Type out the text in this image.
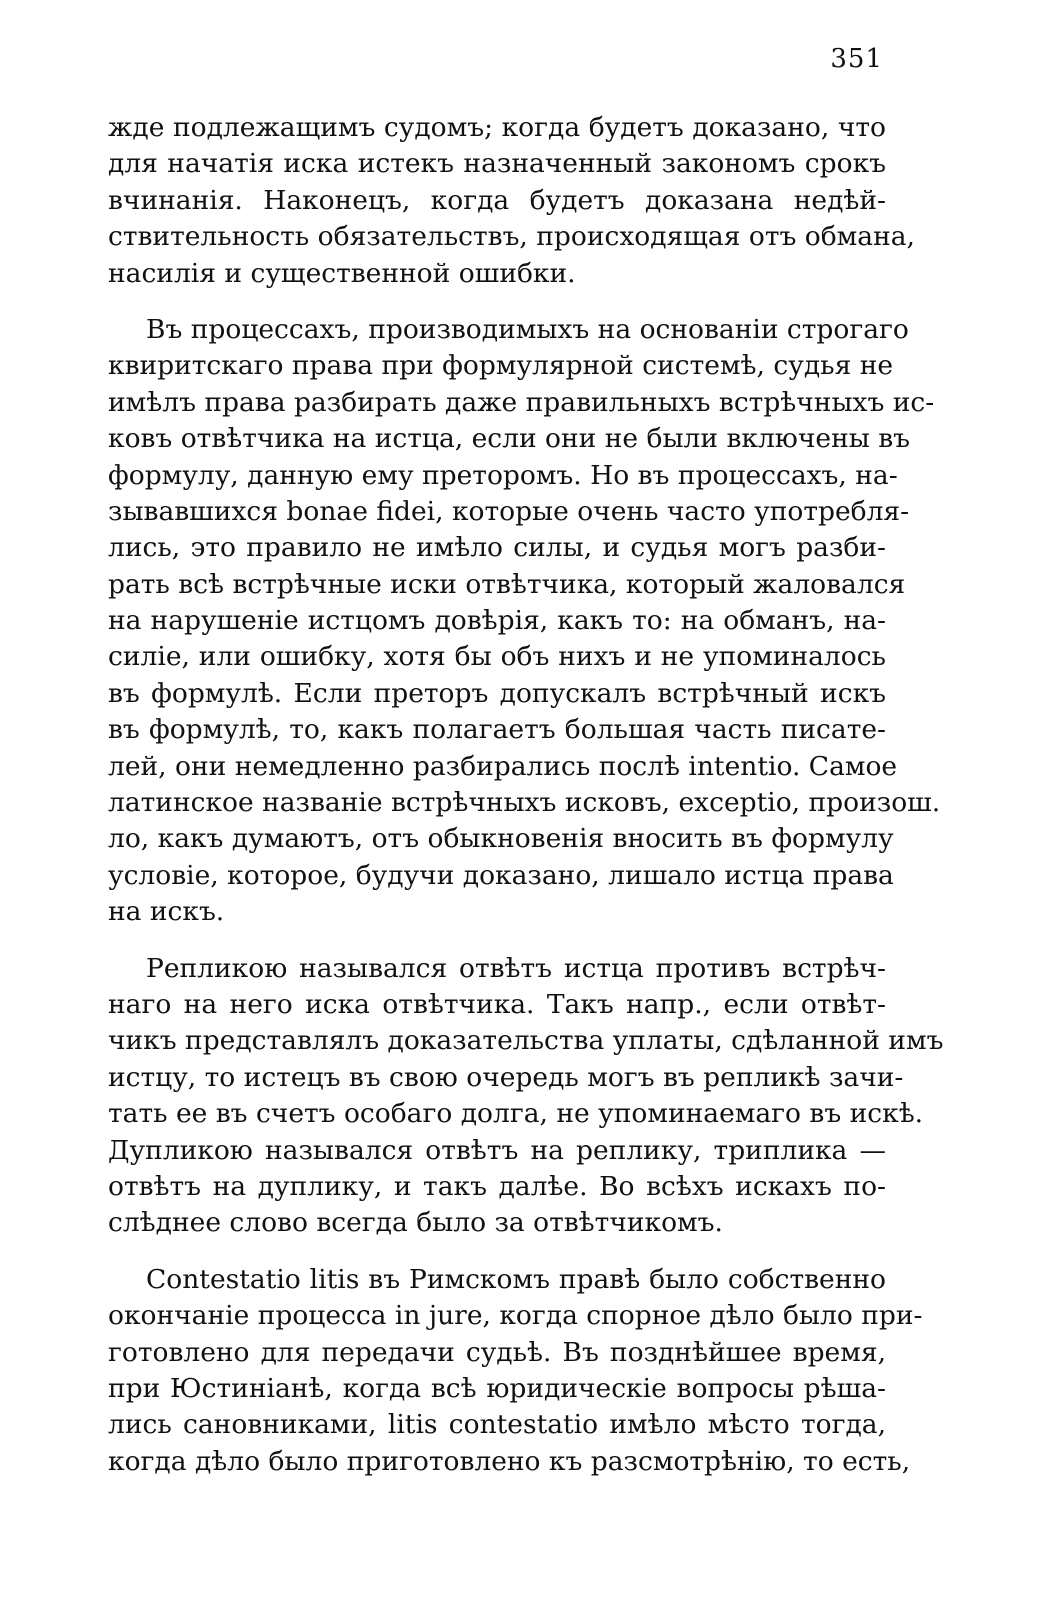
351
жде подлежащимъ судомъ; когда будетъ доказано, что
для начатія иска истекъ назначенный закономъ срокъ
вчинанія. Наконецъ, когда будетъ доказана недѣй-
ствительность обязательствъ, происходящая отъ обмана,
насилія и существенной ошибки.
Въ процессахъ, производимыхъ на основаніи строгаго
квиритскаго права при формулярной системѣ, судья не
имѣлъ права разбирать даже правильныхъ встрѣчныхъ ис-
ковъ отвѣтчика на истца, если они не были включены въ
формулу, данную ему преторомъ. Но въ процессахъ, на-
зывавшихся bonae fidei, которые очень часто употребля-
лись, это правило не имѣло силы, и судья могъ разби-
рать всѣ встрѣчные иски отвѣтчика, который жаловался
на нарушеніе истцомъ довѣрія, какъ то: на обманъ, на-
силіе, или ошибку, хотя бы объ нихъ и не упоминалось
въ формулѣ. Если преторъ допускалъ встрѣчный искъ
въ формулѣ, то, какъ полагаетъ большая часть писате-
лей, они немедленно разбирались послѣ intentio. Самое
латинское названіе встрѣчныхъ исковъ, exceptio, произош.
ло, какъ думаютъ, отъ обыкновенія вносить въ формулу
условіе, которое, будучи доказано, лишало истца права
на искъ.
Репликою назывался отвѣтъ истца противъ встрѣч-
наго на него иска отвѣтчика. Такъ напр., если отвѣт-
чикъ представлялъ доказательства уплаты, сдѣланной имъ
истцу, то истецъ въ свою очередь могъ въ репликѣ зачи-
тать ее въ счетъ особаго долга, не упоминаемаго въ искѣ.
Дупликою назывался отвѣтъ на реплику, триплика —
отвѣтъ на дуплику, и такъ далѣе. Во всѣхъ искахъ по-
слѣднее слово всегда было за отвѣтчикомъ.
Contestatio litis въ Римскомъ правѣ было собственно
окончаніе процесса in jure, когда спорное дѣло было при-
готовлено для передачи судьѣ. Въ позднѣйшее время,
при Юстиніанѣ, когда всѣ юридическіе вопросы рѣша-
лись сановниками, litis contestatio имѣло мѣсто тогда,
когда дѣло было приготовлено къ разсмотрѣнію, то есть,
